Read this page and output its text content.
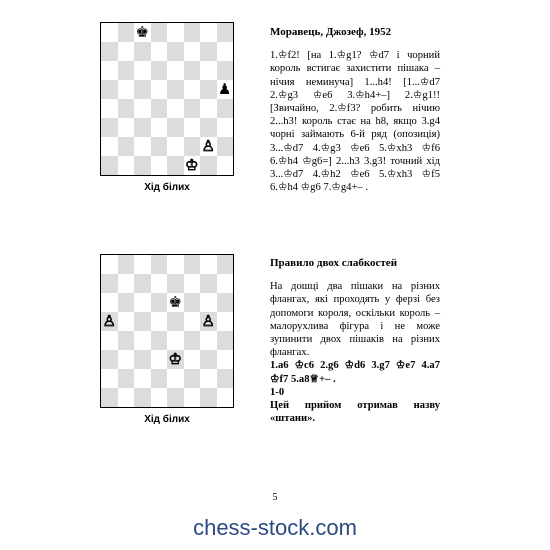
♚
♟
♙
♔
Хід білих
Моравець, Джозеф, 1952

1.♔f2! [на 1.♔g1? ♔d7 і чорний король встигає захистити пішака – нічия неминуча] 1...h4! [1...♔d7 2.♔g3 ♔e6 3.♔h4+–] 2.♔g1!! [Звичайно, 2.♔f3? робить нічию 2...h3! король стає на h8, якщо 3.g4 чорні займають 6-й ряд (опозиція) 3...♔d7 4.♔g3 ♔e6 5.♔xh3 ♔f6 6.♔h4 ♔g6=] 2...h3 3.g3! точний хід 3...♔d7 4.♔h2 ♔e6 5.♔xh3 ♔f5 6.♔h4 ♔g6 7.♔g4+– .

♚
♙	♙
♔
Хід білих
Правило двох слабкостей

На дошці два пішаки на різних флангах, які проходять у ферзі без допомоги короля, оскільки король – малорухлива фігура і не може зупинити двох пішаків на різних флангах.

1.a6 ♔c6 2.g6 ♔d6 3.g7 ♔e7 4.a7 ♔f7 5.a8♕+– .

1-0

Цей прийом отримав назву «штани».

5
chess-stock.com
